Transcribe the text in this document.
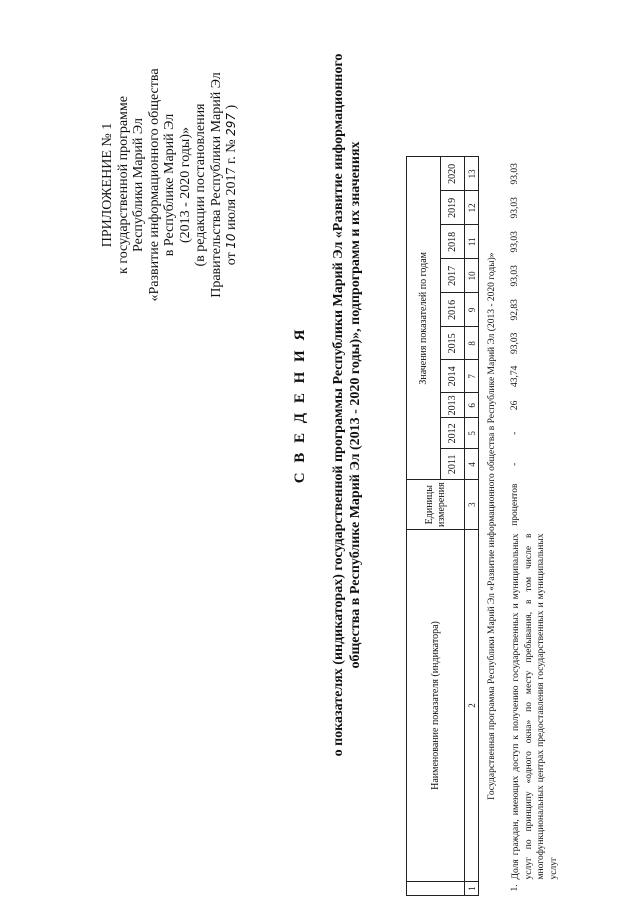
ПРИЛОЖЕНИЕ № 1 к государственной программе Республики Марий Эл «Развитие информационного общества в Республике Марий Эл (2013 - 2020 годы)» (в редакции постановления Правительства Республики Марий Эл от 10 июля 2017 г. № 297 )
С В Е Д Е Н И Я о показателях (индикаторах) государственной программы Республики Марий Эл «Развитие информационного общества в Республике Марий Эл (2013 - 2020 годы)», подпрограмм и их значениях
	Наименование показателя (индикатора)	Единицы измерения	Значения показателей по годам									
			2011	2012	2013	2014	2015	2016	2017	2018	2019	2020
1	2	3	4	5	6	7	8	9	10	11	12	13
Государственная программа Республики Марий Эл «Развитие информационного общества в Республике Марий Эл (2013 - 2020 годы)»												
1.	Доля граждан, имеющих доступ к получению государственных и муниципальных услуг по принципу «одного окна» по месту пребывания, в том числе в многофункциональных центрах предоставления государственных и муниципальных услуг	процентов	-	-	26	43,74	93,03	92,83	93,03	93,03	93,03	93,03
